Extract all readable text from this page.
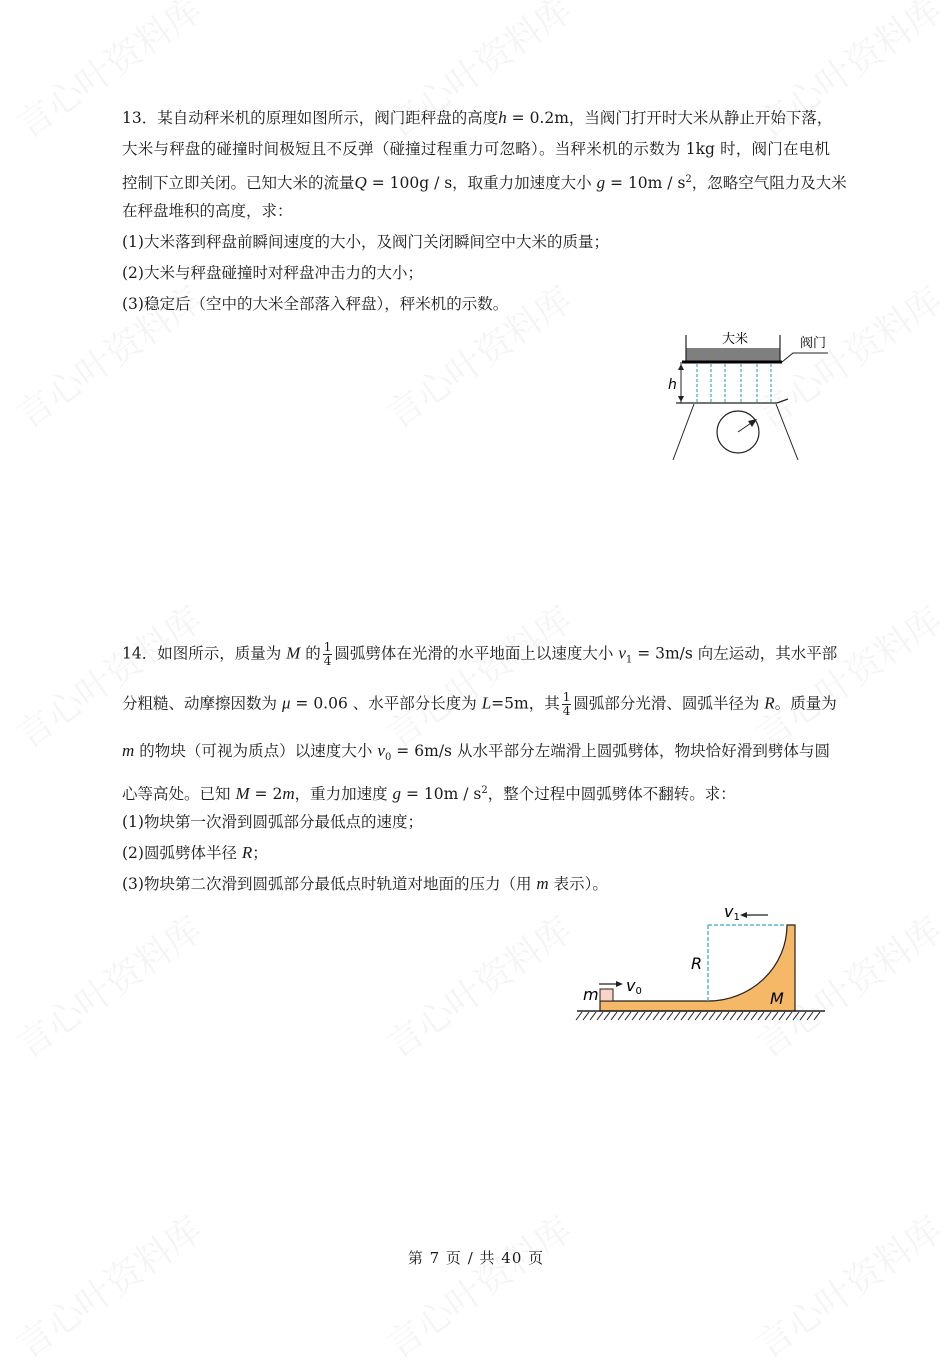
13．某自动秤米机的原理如图所示，阀门距秤盘的高度h = 0.2m，当阀门打开时大米从静止开始下落，
大米与秤盘的碰撞时间极短且不反弹（碰撞过程重力可忽略）。当秤米机的示数为 1kg 时，阀门在电机
控制下立即关闭。已知大米的流量Q = 100g / s，取重力加速度大小 $g = 10m / s^2$，忽略空气阻力及大米
在秤盘堆积的高度，求：
(1)大米落到秤盘前瞬间速度的大小，及阀门关闭瞬间空中大米的质量；
(2)大米与秤盘碰撞时对秤盘冲击力的大小；
(3)稳定后（空中的大米全部落入秤盘），秤米机的示数。
14．如图所示，质量为 M 的 $\frac{1}{4}$ 圆弧劈体在光滑的水平地面上以速度大小 $v_1 = 3m/s$ 向左运动，其水平部
分粗糙、动摩擦因数为 μ = 0.06 、水平部分长度为 L=5m，其 $\frac{1}{4}$ 圆弧部分光滑、圆弧半径为 R。质量为
m 的物块（可视为质点）以速度大小 $v_0 = 6m/s$ 从水平部分左端滑上圆弧劈体，物块恰好滑到劈体与圆
心等高处。已知 M = 2m，重力加速度 $g = 10m / s^2$，整个过程中圆弧劈体不翻转。求：
(1)物块第一次滑到圆弧部分最低点的速度；
(2)圆弧劈体半径 R；
(3)物块第二次滑到圆弧部分最低点时轨道对地面的压力（用 m 表示）。
大米	阀门
h
m v0
v1
R
M
第 7 页 / 共 40 页
